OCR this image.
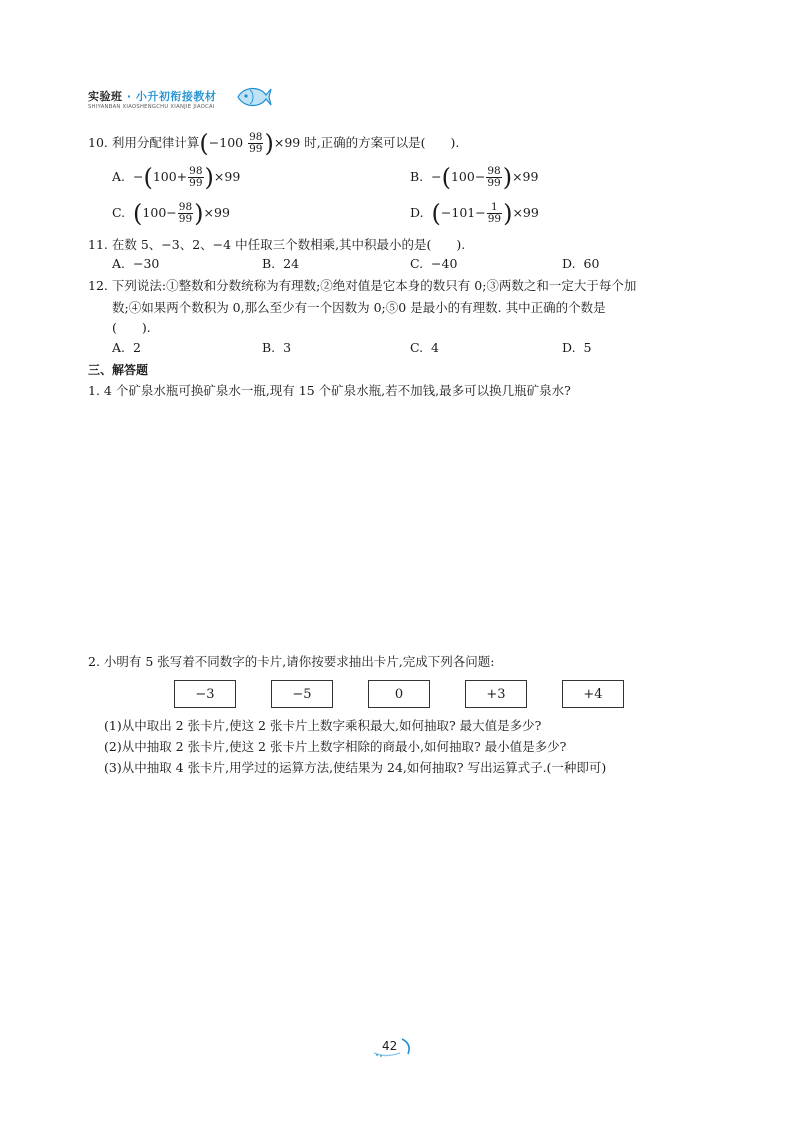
实验班 · 小升初衔接教材
SHIYANBAN XIAOSHENGCHU XIANJIE JIAOCAI
10. 利用分配律计算$(-100 \frac{98}{99} )\times 99$ 时,正确的方案可以是(　　).
A. $-(100+ \frac{98}{99} )\times 99$	B. $-(100- \frac{98}{99} )\times 99$
C. $(100- \frac{98}{99} )\times 99$	D. $(-101- \frac{1}{99} )\times 99$
11. 在数 5、−3、2、−4 中任取三个数相乘,其中积最小的是(　　).
A. −30	B. 24	C. −40	D. 60
12. 下列说法:①整数和分数统称为有理数;②绝对值是它本身的数只有 0;③两数之和一定大于每个加
数;④如果两个数积为 0,那么至少有一个因数为 0;⑤0 是最小的有理数. 其中正确的个数是
(　　).
A. 2	B. 3	C. 4	D. 5
三、解答题
1. 4 个矿泉水瓶可换矿泉水一瓶,现有 15 个矿泉水瓶,若不加钱,最多可以换几瓶矿泉水?
2. 小明有 5 张写着不同数字的卡片,请你按要求抽出卡片,完成下列各问题:
−3	−5	0	+3	+4
(1)从中取出 2 张卡片,使这 2 张卡片上数字乘积最大,如何抽取? 最大值是多少?
(2)从中抽取 2 张卡片,使这 2 张卡片上数字相除的商最小,如何抽取? 最小值是多少?
(3)从中抽取 4 张卡片,用学过的运算方法,使结果为 24,如何抽取? 写出运算式子.(一种即可)
42
